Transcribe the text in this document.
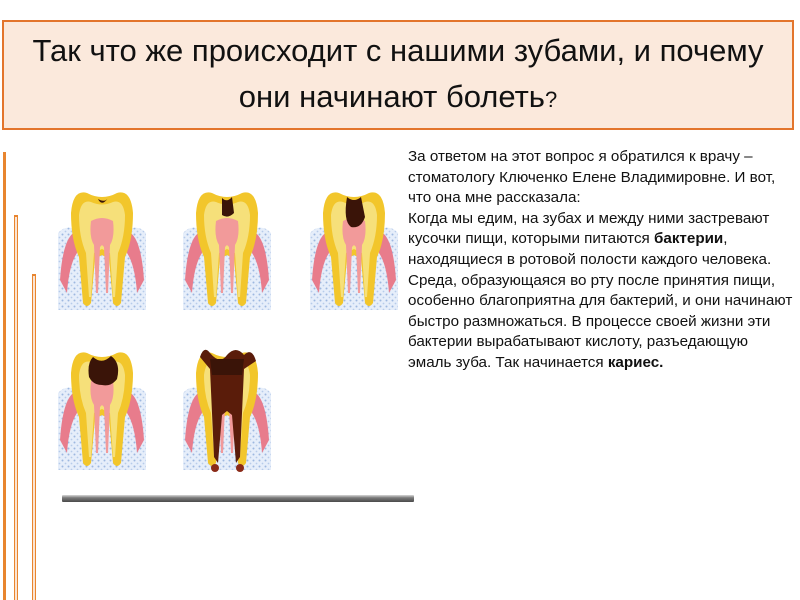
Так что же происходит с нашими зубами, и почему они начинают болеть?
За ответом на этот вопрос я обратился к врачу – стоматологу Ключенко Елене Владимировне. И вот, что она мне рассказала:
Когда мы едим, на зубах и между ними застревают кусочки пищи, которыми питаются бактерии, находящиеся в ротовой полости каждого человека. Среда, образующаяся во рту после принятия пищи, особенно благоприятна для бактерий, и они начинают быстро размножаться. В процессе своей жизни эти бактерии вырабатывают кислоту, разъедающую эмаль зуба. Так начинается кариес.
